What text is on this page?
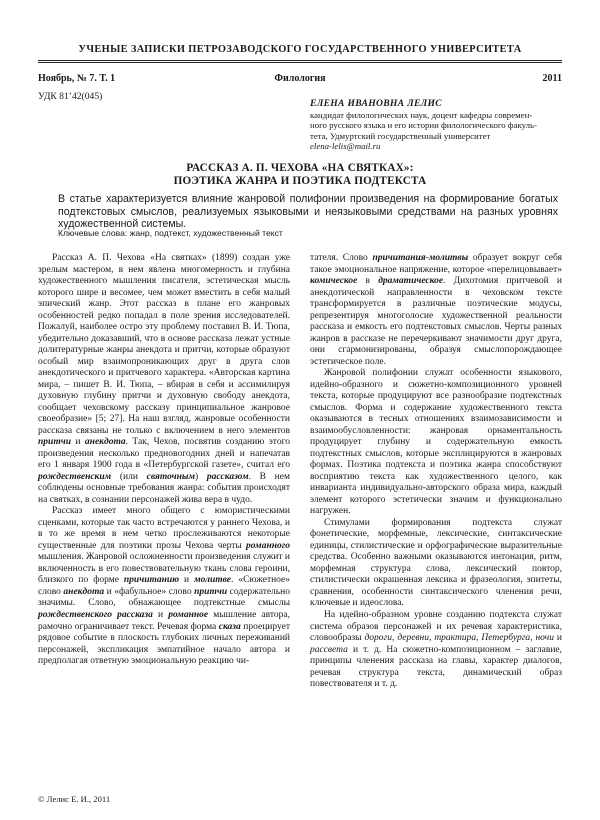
УЧЕНЫЕ ЗАПИСКИ ПЕТРОЗАВОДСКОГО ГОСУДАРСТВЕННОГО УНИВЕРСИТЕТА
Филология
Ноябрь, № 7. Т. 1	2011
УДК 81’42(045)
ЕЛЕНА ИВАНОВНА ЛЕЛИС
кандидат филологических наук, доцент кафедры современ-
ного русского языка и его истории филологического факуль-
тета, Удмуртский государственный университет
elena-lelis@mail.ru
РАССКАЗ А. П. ЧЕХОВА «НА СВЯТКАХ»:
ПОЭТИКА ЖАНРА И ПОЭТИКА ПОДТЕКСТА
В статье характеризуется влияние жанровой полифонии произведения на формирование богатых подтекстовых смыслов, реализуемых языковыми и неязыковыми средствами на разных уровнях художественной системы.
Ключевые слова: жанр, подтекст, художественный текст

Рассказ А. П. Чехова «На святках» (1899) создан уже зрелым мастером, в нем явлена многомерность и глубина художественного мышления писателя, эстетическая мысль которого шире и весомее, чем может вместить в себя малый эпический жанр. Этот рассказ в плане его жанровых особенностей редко попадал в поле зрения исследователей. Пожалуй, наиболее остро эту проблему поставил В. И. Тюпа, убедительно доказавший, что в основе рассказа лежат устные долитературные жанры анекдота и притчи, которые образуют особый мир взаимопроникающих друг в друга слов анекдотического и притчевого характера. «Авторская картина мира, – пишет В. И. Тюпа, – вбирая в себя и ассимилируя духовную глубину притчи и духовную свободу анекдота, сообщает чеховскому рассказу принципиальное жанровое своеобразие» [5; 27]. На наш взгляд, жанровые особенности рассказа связаны не только с включением в него элементов притчи и анекдота. Так, Чехов, посвятив созданию этого произведения несколько предновогодних дней и напечатав его 1 января 1900 года в «Петербургской газете», считал его рождественским (или святочным) рассказом. В нем соблюдены основные требования жанра: события происходят на святках, в сознании персонажей жива вера в чудо.

Рассказ имеет много общего с юмористическими сценками, которые так часто встречаются у раннего Чехова, и в то же время в нем четко прослеживаются некоторые существенные для поэтики прозы Чехова черты романного мышления. Жанровой осложненности произведения служит и включенность в его повествовательную ткань слова героини, близкого по форме причитанию и молитве. «Сюжетное» слово анекдота и «фабульное» слово притчи содержательно значимы. Слово, обнажающее подтекстные смыслы рождественского рассказа и романное мышление автора, рамочно ограничивает текст. Речевая форма сказа проецирует рядовое событие в плоскость глубоких личных переживаний персонажей, экспликация эмпатийное начало автора и предполагая ответную эмоциональную реакцию чи-

тателя. Слово причитания-молитвы образует вокруг себя такое эмоциональное напряжение, которое «перелицовывает» комическое в драматическое. Дихотомия притчевой и анекдотической направленности в чеховском тексте трансформируется в различные поэтические модусы, репрезентируя многоголосие художественной реальности рассказа и емкость его подтекстовых смыслов. Черты разных жанров в рассказе не перечеркивают значимости друг друга, они сгармонизированы, образуя смыслопорождающее эстетическое поле.

Жанровой полифонии служат особенности языкового, идейно-образного и сюжетно-композиционного уровней текста, которые продуцируют все разнообразие подтекстных смыслов. Форма и содержание художественного текста оказываются в тесных отношениях взаимозависимости и взаимообусловленности: жанровая орнаментальность продуцирует глубину и содержательную емкость подтекстных смыслов, которые эксплицируются в жанровых формах. Поэтика подтекста и поэтика жанра способствуют восприятию текста как художественного целого, как инварианта индивидуально-авторского образа мира, каждый элемент которого эстетически значим и функционально нагружен.

Стимулами формирования подтекста служат фонетические, морфемные, лексические, синтаксические единицы, стилистические и орфографические выразительные средства. Особенно важными оказываются интонация, ритм, морфемная структура слова, лексический повтор, стилистически окрашенная лексика и фразеология, эпитеты, сравнения, особенности синтаксического членения речи, ключевые и идеослова.

На идейно-образном уровне созданию подтекста служат система образов персонажей и их речевая характеристика, словообразы дороги, деревни, трактира, Петербурга, ночи и рассвета и т. д. На сюжетно-композиционном – заглавие, принципы членения рассказа на главы, характер диалогов, речевая структура текста, динамический образ повествователя и т. д.

© Лелис Е. И., 2011
